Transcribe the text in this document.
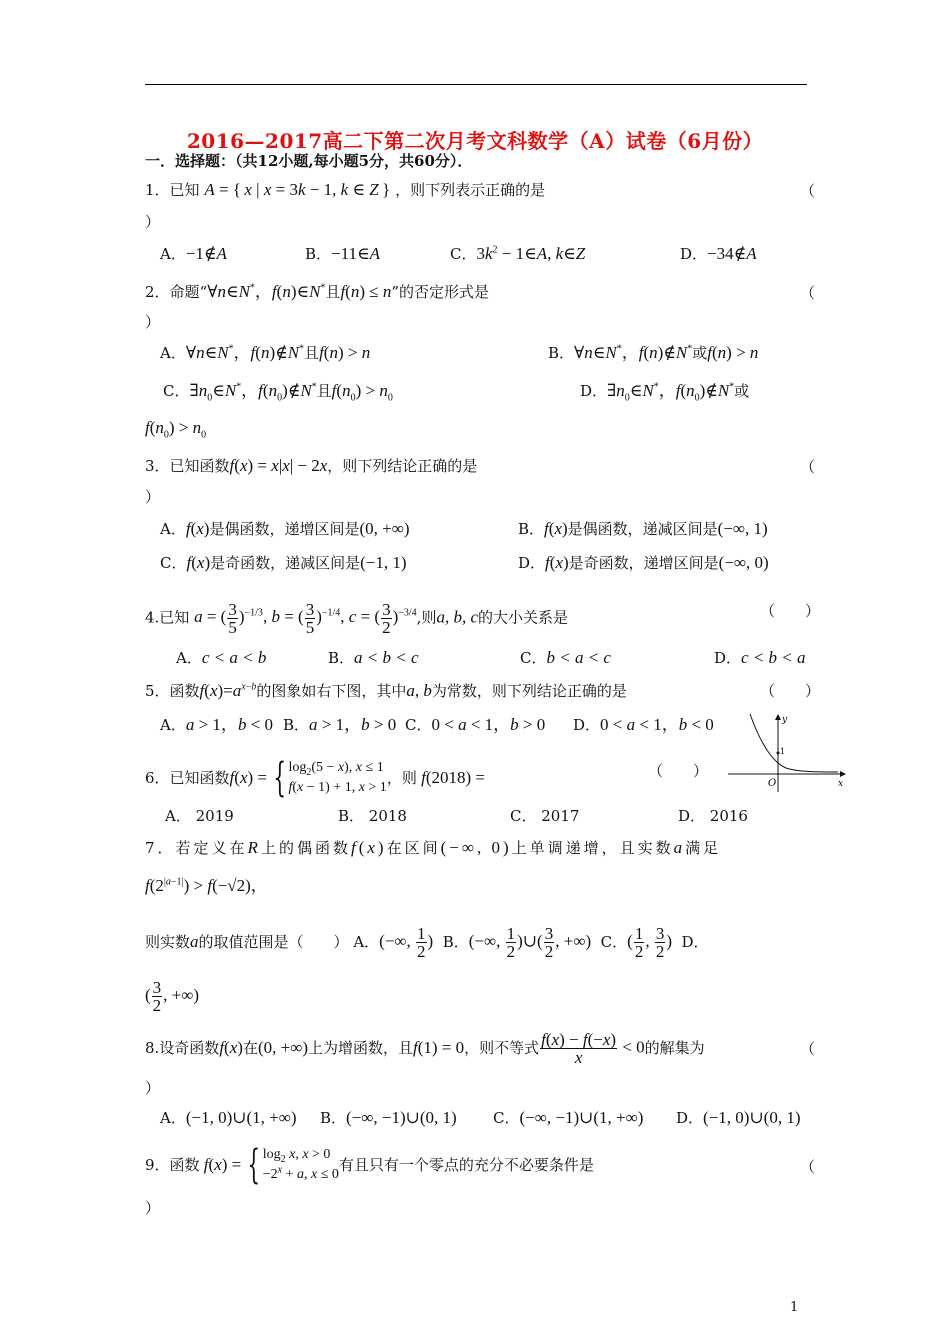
2016—2017高二下第二次月考文科数学（A）试卷（6月份）
一．选择题：（共12小题,每小题5分，共60分）．
1．已知 A = { x | x = 3k − 1, k ∈ Z } ，则下列表示正确的是	（
）
A．−1∉A	B．−11∈A	C．$3k^2$ − 1∈A, k∈Z	D．−34∉A
2．命题“∀n∈N*，f(n)∈N*且f(n) ≤ n”的否定形式是	（
）
A．∀n∈N*，f(n)∉N*且f(n) > n	B．∀n∈N*，f(n)∉N*或f(n) > n
C．$\exists n_0\in N^*$，$f(n_0)\notin N^*$且$f(n_0) > n_0$	D．$\exists n_0\in N^*$，$f(n_0)\notin N^*$或
$f(n_0) > n_0$
3．已知函数f(x) = x|x| − 2x，则下列结论正确的是	（
）
A．f(x)是偶函数，递增区间是(0, +∞)	B．f(x)是偶函数，递减区间是(−∞, 1)
C．f(x)是奇函数，递减区间是(−1, 1)	D．f(x)是奇函数，递增区间是(−∞, 0)
4.已知 a = ( $\frac{3}{5} )^{-1/3}$, b = ( $\frac{3}{5} )^{-1/4}$, c = ( $\frac{3}{2} )^{-3/4}$,则a, b, c的大小关系是	（　　）
A．c < a < b	B．a < b < c	C．b < a < c	D．c < b < a
5．函数$f(x)=a^{x-b}$的图象如右下图，其中a, b为常数，则下列结论正确的是	（　　）
A．a > 1，b < 0 B．a > 1，b > 0 C．0 < a < 1，b > 0 D．0 < a < 1，b < 0	y
x
O
1
6．已知函数 f(x) = { $\log_2(5 - x)$, x ≤ 1
f(x − 1) + 1, x > 1
，则 f(2018) =	（　　）
A． 2019	B． 2018	C． 2017	D． 2016
7．若定义在R上的偶函数f(x)在区间(−∞, 0)上单调递增，且实数a满足
$f(2^{|a-1|}) > f(-√2)$，
则实数 a 的取值范围是（　　）
A． (−∞, $\frac{1}{2}$ )
B． (−∞, $\frac{1}{2}$ )∪( $\frac{3}{2}$ , +∞)
C． ( $\frac{1}{2}$ , $\frac{3}{2}$ )
D．
( $\frac{3}{2}$ , +∞)
8.设奇函数 f(x) 在 (0, +∞) 上为增函数，且 f(1) = 0 ，则不等式 $\frac{f(x) - f(-x)}{x} < 0$ 的解集为	（
）
A．(−1, 0)∪(1, +∞) B．(−∞, −1)∪(0, 1) C．(−∞, −1)∪(1, +∞) D．(−1, 0)∪(0, 1)
9．函数 f(x) = { $\log_2 x$, x > 0
$-2^x + a$, x ≤ 0
有且只有一个零点的充分不必要条件是	（
）
1
